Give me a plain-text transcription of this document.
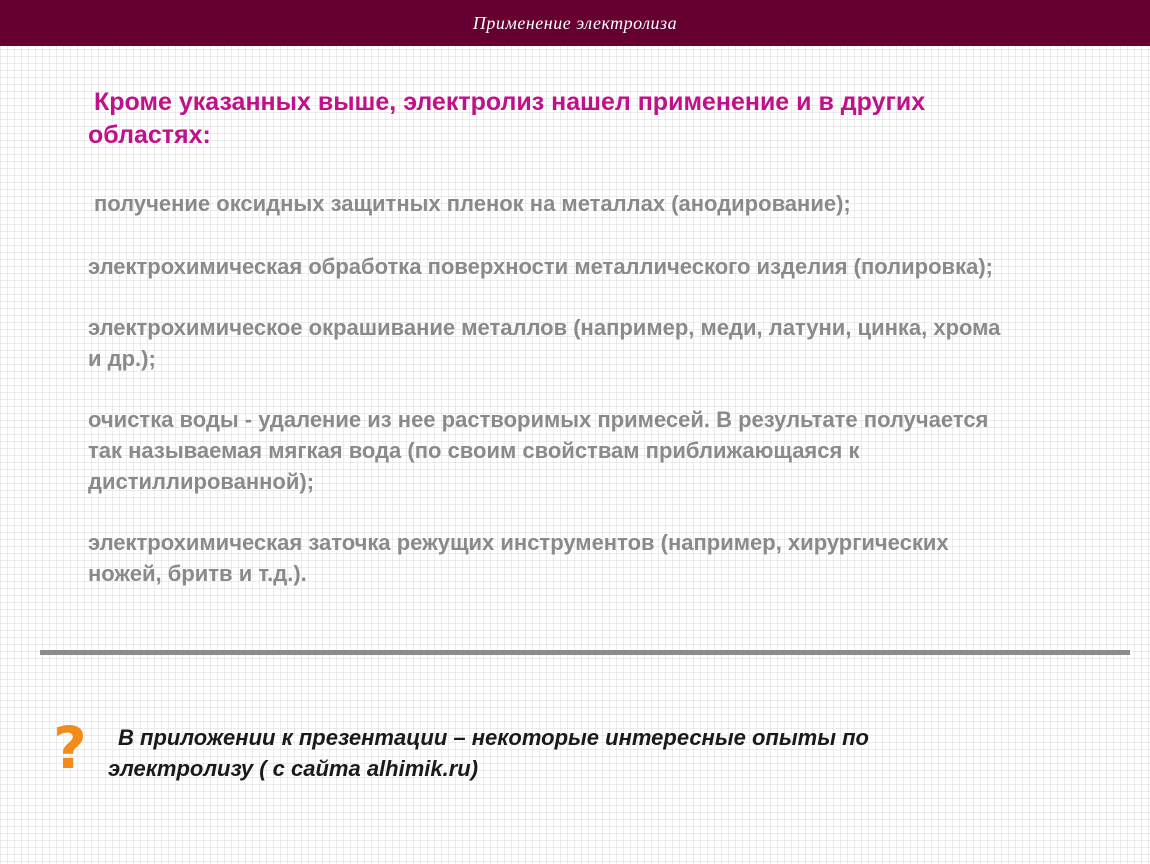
Применение электролиза
Кроме указанных выше, электролиз нашел применение и в других областях:

получение оксидных защитных пленок на металлах (анодирование);

электрохимическая обработка поверхности металлического изделия (полировка);

электрохимическое окрашивание металлов (например, меди, латуни, цинка, хрома и др.);

очистка воды - удаление из нее растворимых примесей. В результате получается так называемая мягкая вода (по своим свойствам приближающаяся к дистиллированной);

электрохимическая заточка режущих инструментов (например, хирургических ножей, бритв и т.д.).

?	В приложении к презентации – некоторые интересные опыты по электролизу ( с сайта alhimik.ru)
